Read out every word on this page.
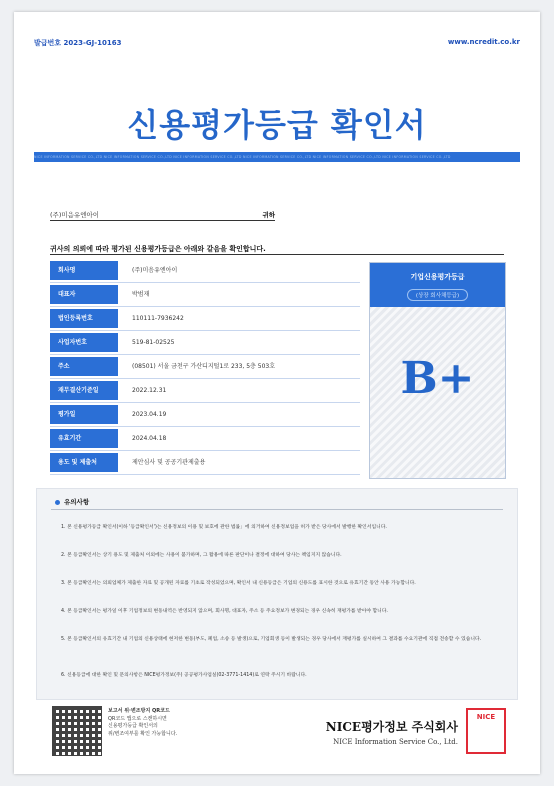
발급번호 2023-GJ-10163	www.ncredit.co.kr
신용평가등급 확인서
NICE INFORMATION SERVICE CO.,LTD NICE INFORMATION SERVICE CO.,LTD NICE INFORMATION SERVICE CO.,LTD NICE INFORMATION SERVICE CO.,LTD NICE INFORMATION SERVICE CO.,LTD NICE INFORMATION SERVICE CO.,LTD
(주)미음유엔아이	귀하
귀사의 의뢰에 따라 평가된 신용평가등급은 아래와 같음을 확인합니다.
회사명	(주)미음유엔아이
대표자	박범재
법인등록번호	110111-7936242
사업자번호	519-81-02525
주소	(08501) 서울 금천구 가산디지털1로 233, 5층 503호
재무결산기준일	2022.12.31
평가일	2023.04.19
유효기간	2024.04.18
용도 및 제출처	제안심사 및 공공기관제출용
기업신용평가등급
(상장 회사채등급)
B+
유의사항
1. 본 신용평가등급 확인서(이하 '등급확인서')는 신용정보의 이용 및 보호에 관한 법률」에 의거하여 신용정보업을 허가 받은 당사에서 발행한 확인서입니다.
2. 본 등급확인서는 상기 용도 및 제출처 이외에는 사용이 불가하며, 그 활용에 따른 판단이나 결정에 대하여 당사는 책임지지 않습니다.
3. 본 등급확인서는 의뢰업체가 제출한 자료 및 공개된 자료를 기초로 작성되었으며, 확인서 내 신용등급은 기업의 신용도를 표시한 것으로 유효기간 동안 사용 가능합니다.
4. 본 등급확인서는 평가일 이후 기업정보의 변동내역은 반영되지 않으며, 회사명, 대표자, 주소 등 주요정보가 변경되는 경우 신속히 재평가를 받아야 합니다.
5. 본 등급확인서의 유효기간 내 기업의 신용상태에 현저한 변동(부도, 폐업, 소송 등 발생)으로, 기업회생 등이 발생되는 경우 당사에서 재평가를 실시하여 그 결과를 수요기관에 직접 전송할 수 있습니다.
6. 신용등급에 대한 확인 및 문의사항은 NICE평가정보(주) 공공평가사업실(02-3771-1414)로 연락 주시기 바랍니다.
보고서 위·변조방지 QR코드
QR코드 앱으로 스캔하시면
신용평가등급 확인서의
위/변조여부를 확인 가능합니다.	NICE평가정보 주식회사
NICE Information Service Co., Ltd.
NICE
